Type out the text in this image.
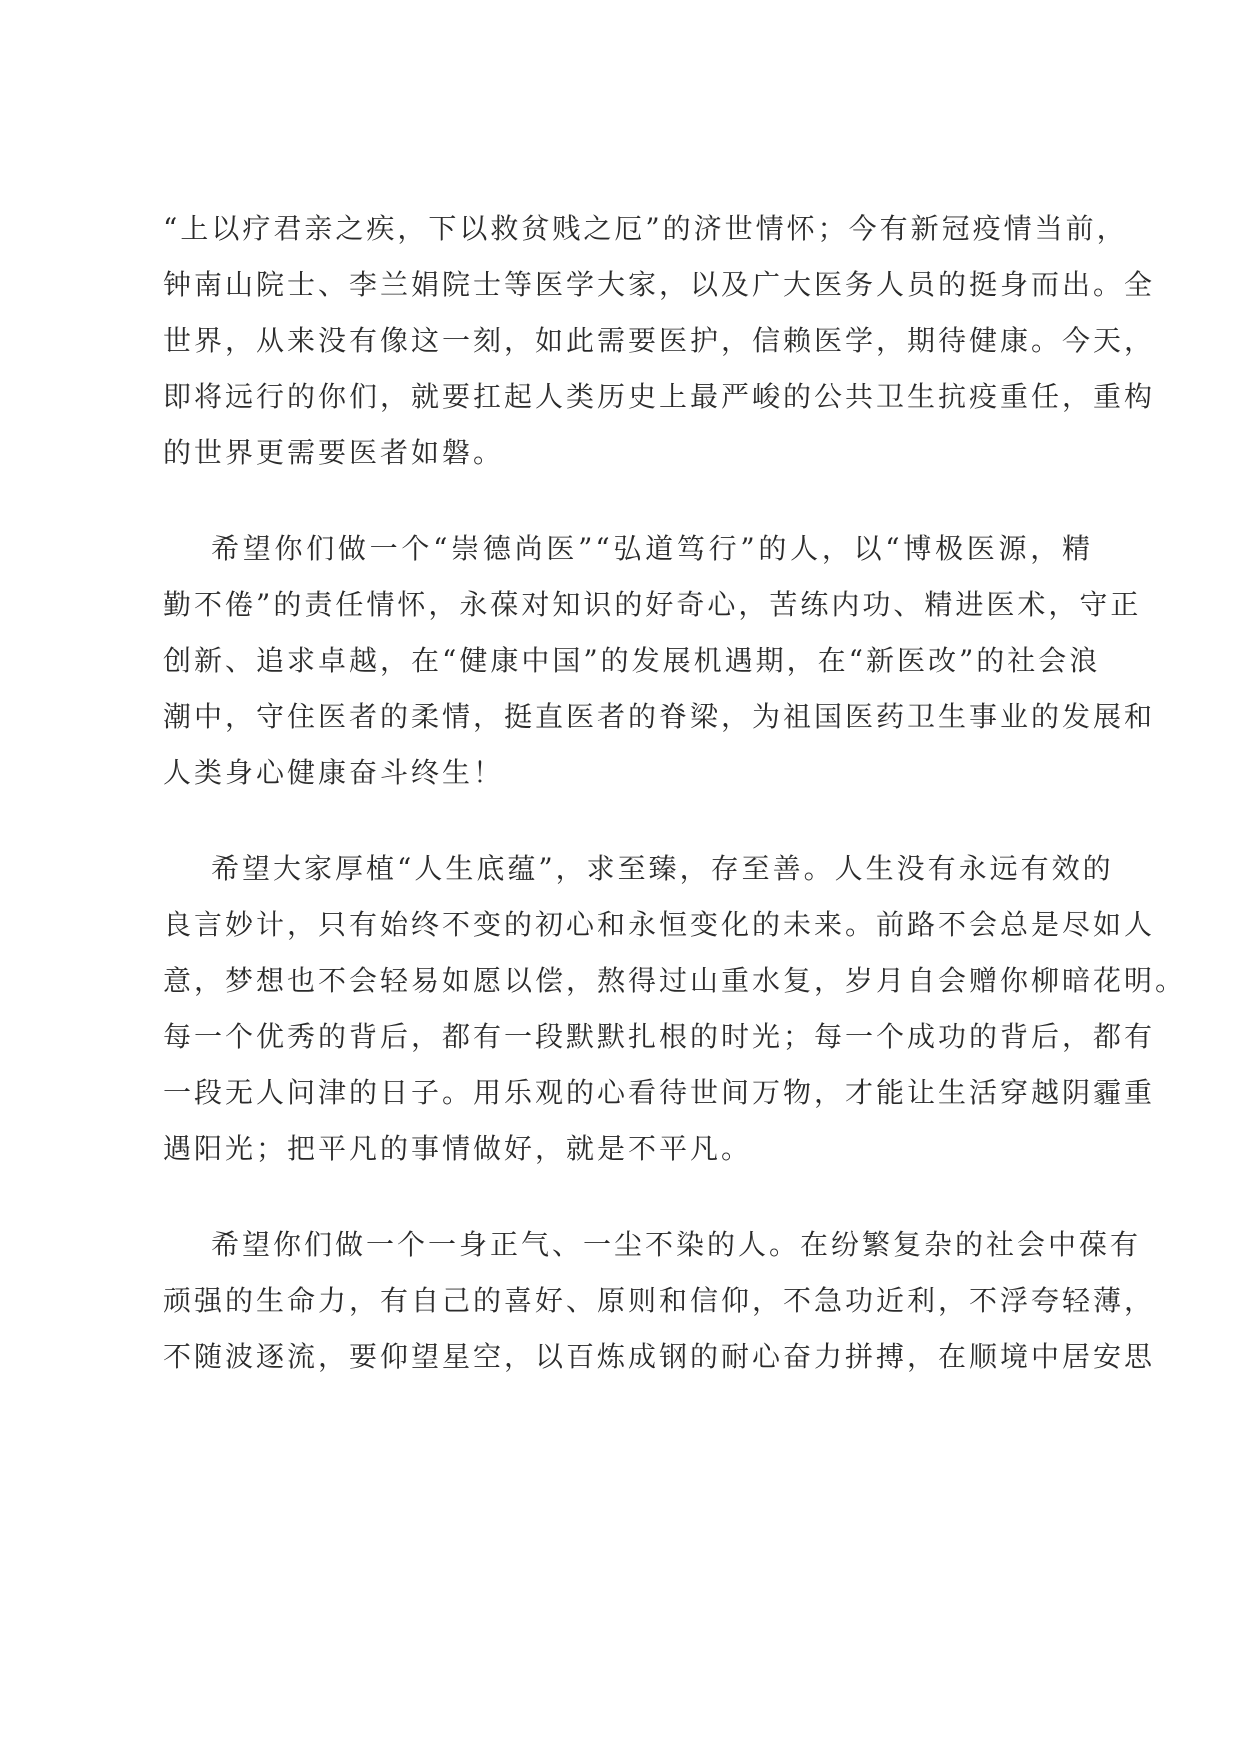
“上以疗君亲之疾，下以救贫贱之厄”的济世情怀；今有新冠疫情当前，
钟南山院士、李兰娟院士等医学大家，以及广大医务人员的挺身而出。全
世界，从来没有像这一刻，如此需要医护，信赖医学，期待健康。今天，
即将远行的你们，就要扛起人类历史上最严峻的公共卫生抗疫重任，重构
的世界更需要医者如磐。
希望你们做一个“崇德尚医”“弘道笃行”的人，以“博极医源，精
勤不倦”的责任情怀，永葆对知识的好奇心，苦练内功、精进医术，守正
创新、追求卓越，在“健康中国”的发展机遇期，在“新医改”的社会浪
潮中，守住医者的柔情，挺直医者的脊梁，为祖国医药卫生事业的发展和
人类身心健康奋斗终生！
希望大家厚植“人生底蕴”，求至臻，存至善。人生没有永远有效的
良言妙计，只有始终不变的初心和永恒变化的未来。前路不会总是尽如人
意，梦想也不会轻易如愿以偿，熬得过山重水复，岁月自会赠你柳暗花明。
每一个优秀的背后，都有一段默默扎根的时光；每一个成功的背后，都有
一段无人问津的日子。用乐观的心看待世间万物，才能让生活穿越阴霾重
遇阳光；把平凡的事情做好，就是不平凡。
希望你们做一个一身正气、一尘不染的人。在纷繁复杂的社会中葆有
顽强的生命力，有自己的喜好、原则和信仰，不急功近利，不浮夸轻薄，
不随波逐流，要仰望星空，以百炼成钢的耐心奋力拼搏，在顺境中居安思
